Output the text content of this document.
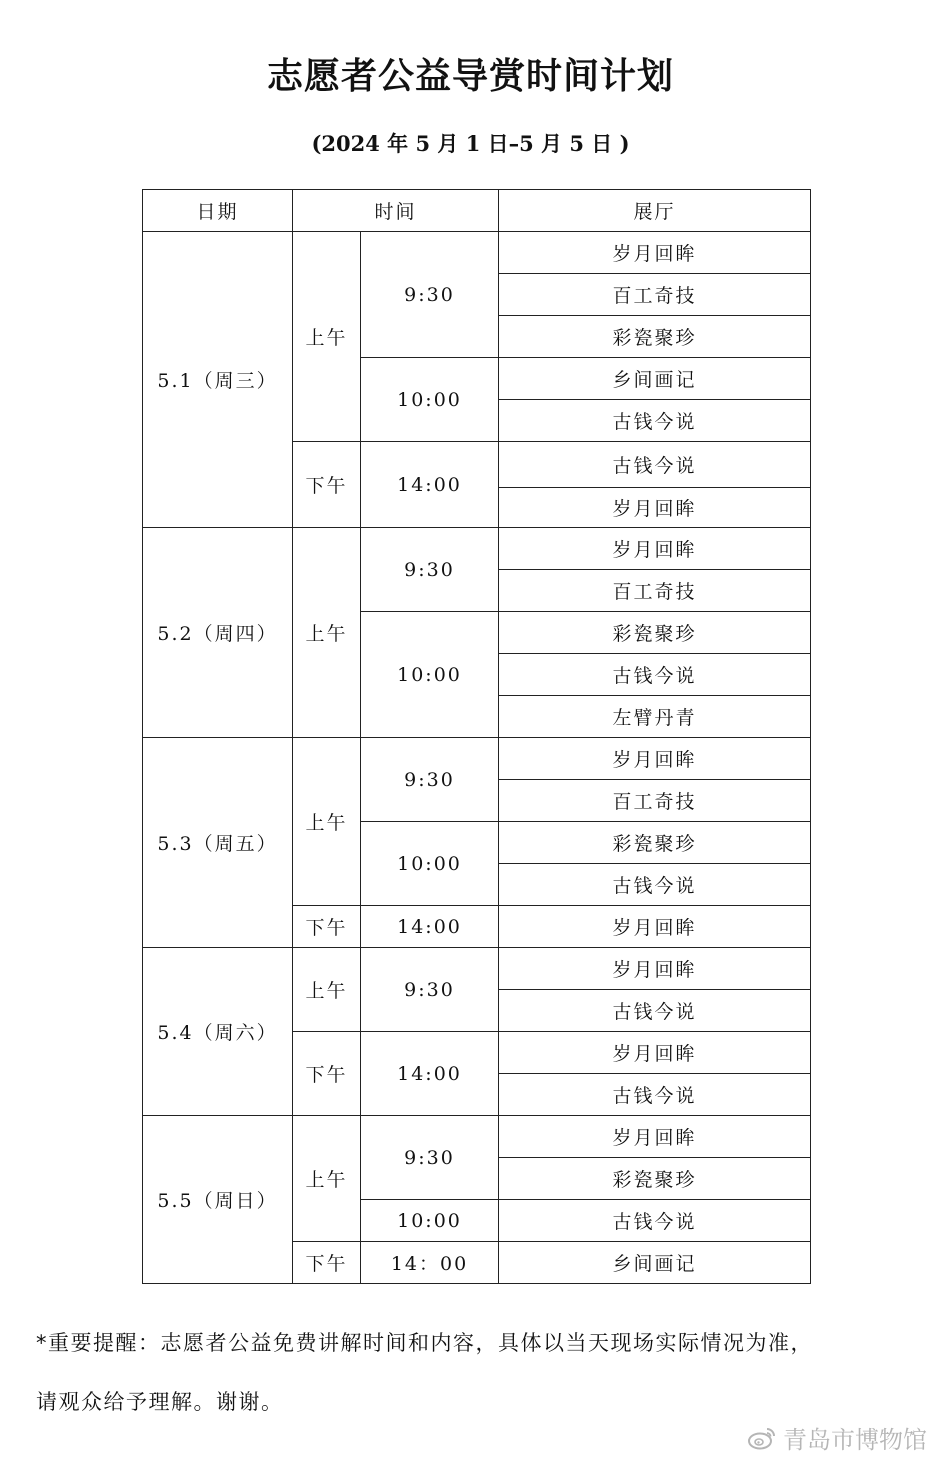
志愿者公益导赏时间计划
(2024 年 5 月 1 日–5 月 5 日 )
日期	时间		展厅
5.1（周三）	上午	9:30	岁月回眸
			百工奇技
			彩瓷聚珍
		10:00	乡间画记
			古钱今说
	下午	14:00	古钱今说
			岁月回眸
5.2（周四）	上午	9:30	岁月回眸
			百工奇技
		10:00	彩瓷聚珍
			古钱今说
			左臂丹青
5.3（周五）	上午	9:30	岁月回眸
			百工奇技
		10:00	彩瓷聚珍
			古钱今说
	下午	14:00	岁月回眸
5.4（周六）	上午	9:30	岁月回眸
			古钱今说
	下午	14:00	岁月回眸
			古钱今说
5.5（周日）	上午	9:30	岁月回眸
			彩瓷聚珍
		10:00	古钱今说
	下午	14：00	乡间画记
*重要提醒：志愿者公益免费讲解时间和内容，具体以当天现场实际情况为准，
请观众给予理解。谢谢。
青岛市博物馆
